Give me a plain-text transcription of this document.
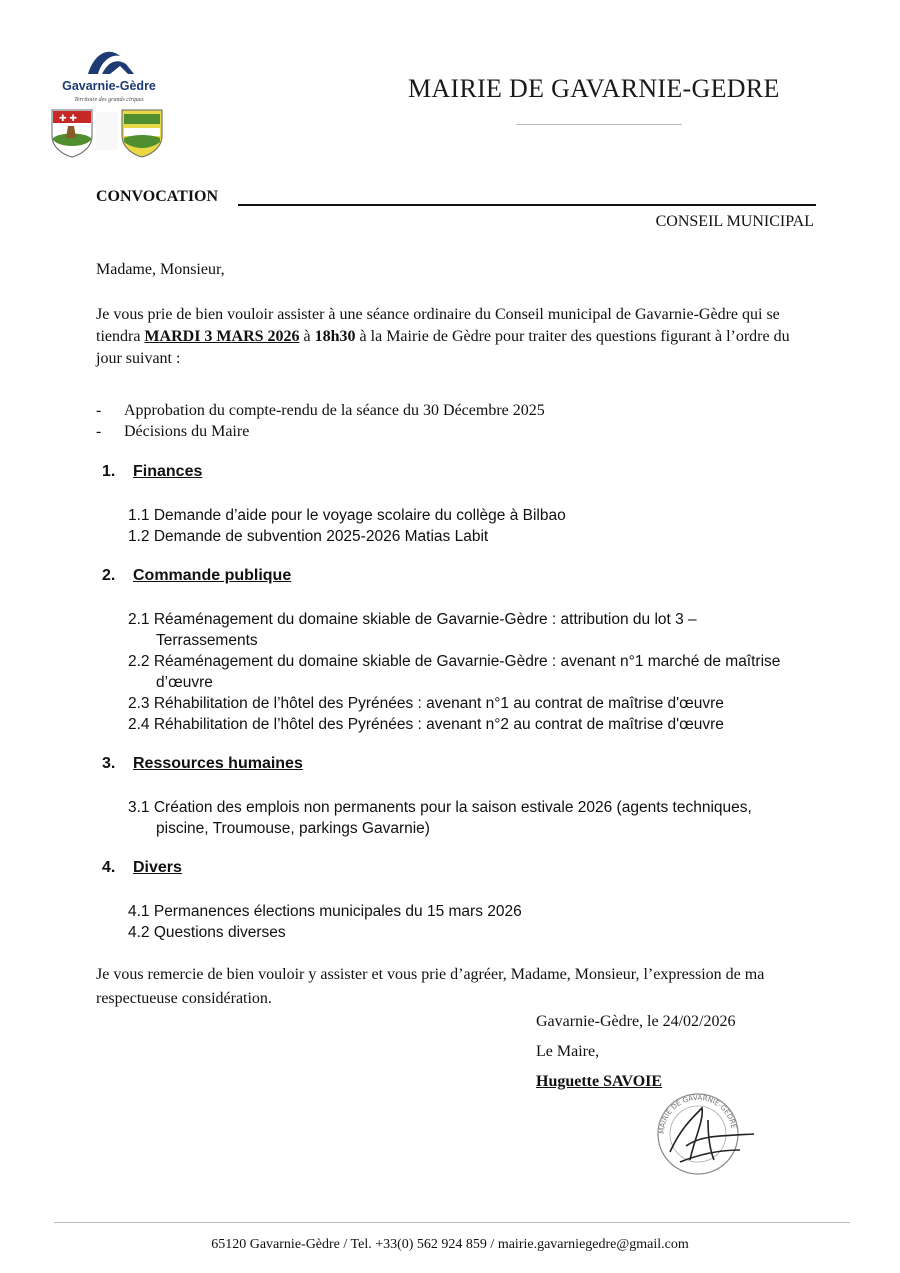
Gavarnie-Gèdre
Territoire des grands cirques
✚ ✚
MAIRIE DE GAVARNIE-GEDRE
CONVOCATION
CONSEIL MUNICIPAL
Madame, Monsieur,
Je vous prie de bien vouloir assister à une séance ordinaire du Conseil municipal de Gavarnie-Gèdre qui se
tiendra MARDI 3 MARS 2026 à 18h30 à la Mairie de Gèdre pour traiter des questions figurant à l’ordre du
jour suivant :
- Approbation du compte-rendu de la séance du 30 Décembre 2025
- Décisions du Maire
1. Finances
1.1 Demande d’aide pour le voyage scolaire du collège à Bilbao
1.2 Demande de subvention 2025-2026 Matias Labit
2. Commande publique
2.1 Réaménagement du domaine skiable de Gavarnie-Gèdre : attribution du lot 3 –
Terrassements
2.2 Réaménagement du domaine skiable de Gavarnie-Gèdre : avenant n°1 marché de maîtrise
d’œuvre
2.3 Réhabilitation de l’hôtel des Pyrénées : avenant n°1 au contrat de maîtrise d'œuvre
2.4 Réhabilitation de l’hôtel des Pyrénées : avenant n°2 au contrat de maîtrise d'œuvre
3. Ressources humaines
3.1 Création des emplois non permanents pour la saison estivale 2026 (agents techniques,
piscine, Troumouse, parkings Gavarnie)
4. Divers
4.1 Permanences élections municipales du 15 mars 2026
4.2 Questions diverses
Je vous remercie de bien vouloir y assister et vous prie d’agréer, Madame, Monsieur, l’expression de ma
respectueuse considération.
Gavarnie-Gèdre, le 24/02/2026
Le Maire,
Huguette SAVOIE
MAIRIE DE GAVARNIE-GEDRE
65120 Gavarnie-Gèdre / Tel. +33(0) 562 924 859 / mairie.gavarniegedre@gmail.com
